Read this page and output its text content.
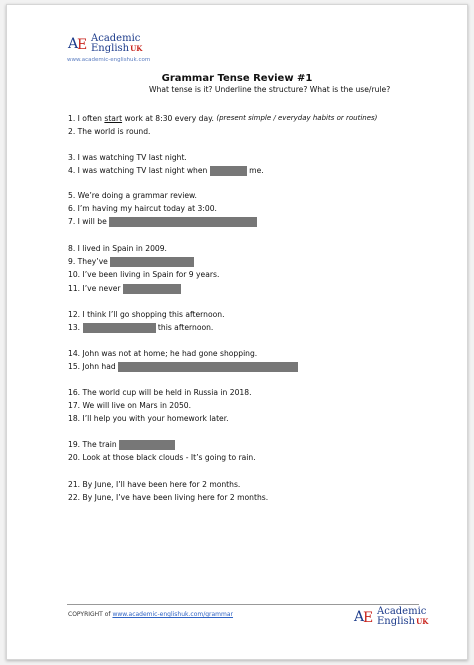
A
E Academic
EnglishUK
www.academic-englishuk.com
Grammar Tense Review #1
What tense is it? Underline the structure? What is the use/rule?
1. I often start work at 8:30 every day. (present simple / everyday habits or routines)
2. The world is round.
3. I was watching TV last night.
4. I was watching TV last night when	me.
5. We’re doing a grammar review.
6. I’m having my haircut today at 3:00.
7. I will be
8. I lived in Spain in 2009.
9. They’ve
10. I’ve been living in Spain for 9 years.
11. I’ve never
12. I think I’ll go shopping this afternoon.
13.	this afternoon.
14. John was not at home; he had gone shopping.
15. John had
16. The world cup will be held in Russia in 2018.
17. We will live on Mars in 2050.
18. I’ll help you with your homework later.
19. The train
20. Look at those black clouds - It’s going to rain.
21. By June, I’ll have been here for 2 months.
22. By June, I’ve have been living here for 2 months.
COPYRIGHT of www.academic-englishuk.com/grammar	A
E Academic
EnglishUK
